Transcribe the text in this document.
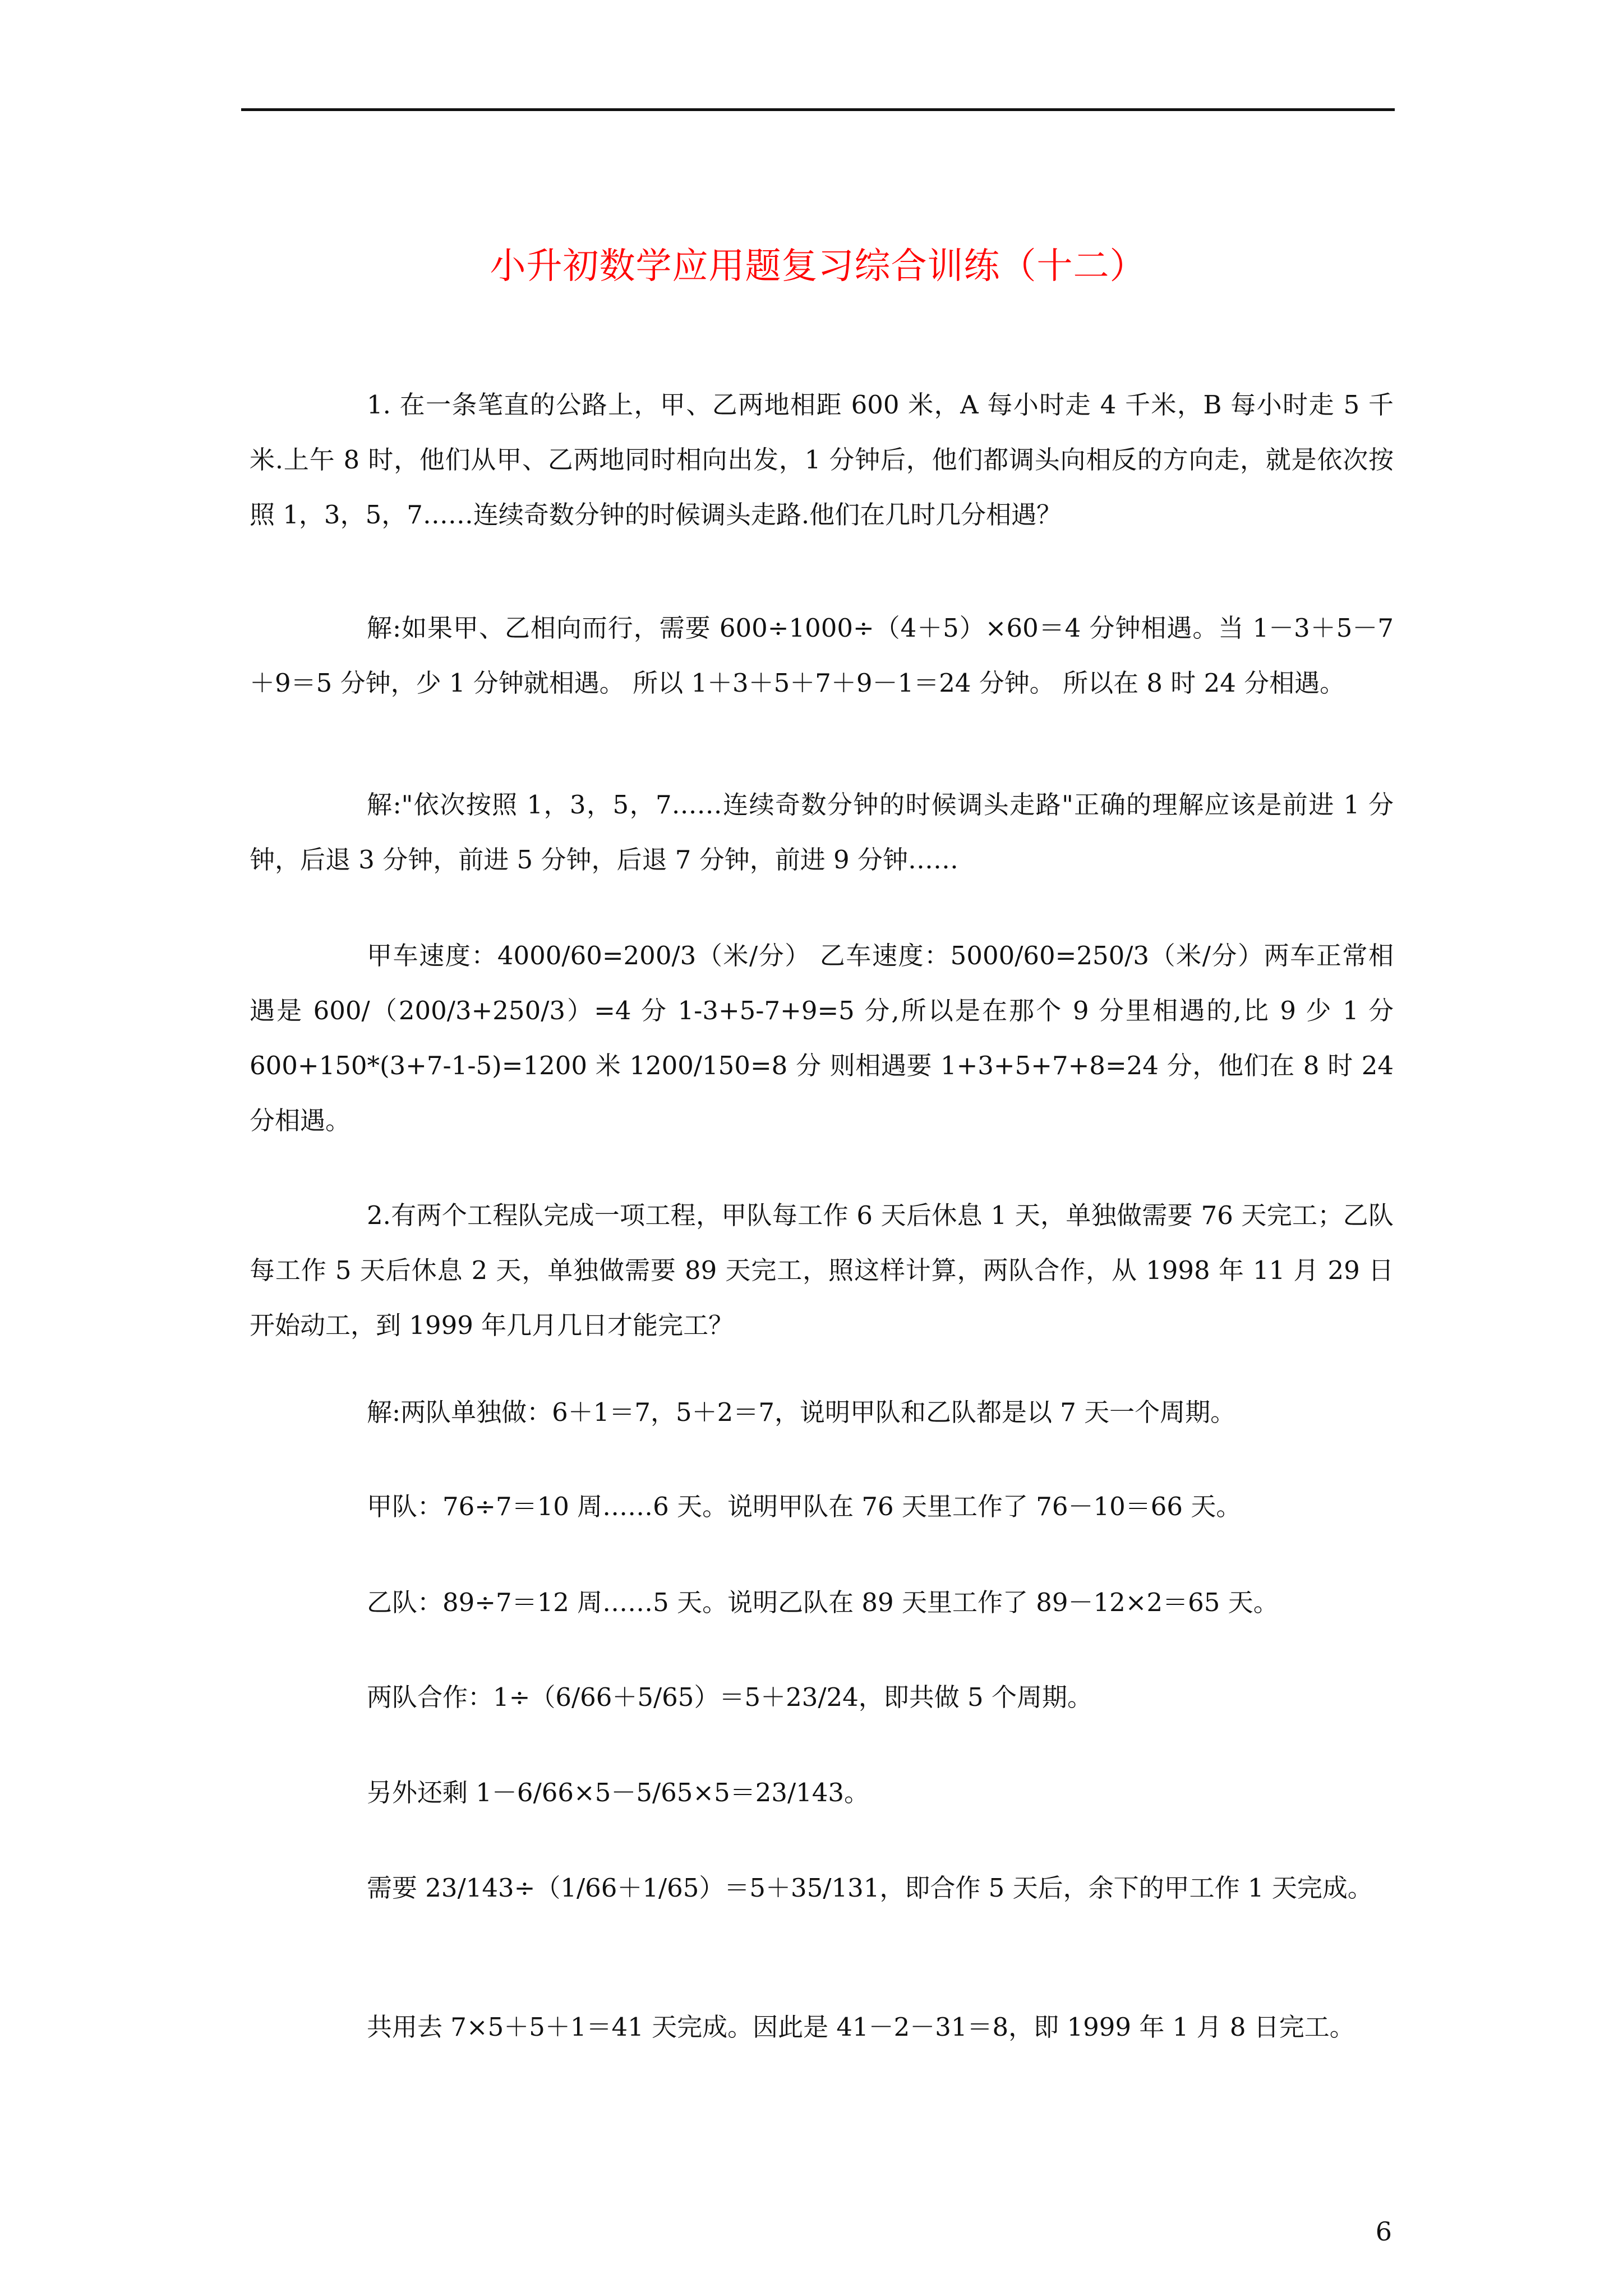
小升初数学应用题复习综合训练（十二）
1. 在一条笔直的公路上，甲、乙两地相距 600 米，A 每小时走 4 千米，B 每小时走 5 千米.上午 8 时，他们从甲、乙两地同时相向出发，1 分钟后，他们都调头向相反的方向走，就是依次按照 1，3，5，7……连续奇数分钟的时候调头走路.他们在几时几分相遇？
解:如果甲、乙相向而行，需要 600÷1000÷（4＋5）×60＝4 分钟相遇。当 1－3＋5－7＋9＝5 分钟，少 1 分钟就相遇。 所以 1＋3＋5＋7＋9－1＝24 分钟。 所以在 8 时 24 分相遇。
解:"依次按照 1，3，5，7……连续奇数分钟的时候调头走路"正确的理解应该是前进 1 分钟，后退 3 分钟，前进 5 分钟，后退 7 分钟，前进 9 分钟……
甲车速度：4000/60=200/3（米/分） 乙车速度：5000/60=250/3（米/分）两车正常相遇是 600/（200/3+250/3）=4 分 1-3+5-7+9=5 分,所以是在那个 9 分里相遇的,比 9 少 1 分 600+150*(3+7-1-5)=1200 米 1200/150=8 分 则相遇要 1+3+5+7+8=24 分，他们在 8 时 24 分相遇。
2.有两个工程队完成一项工程，甲队每工作 6 天后休息 1 天，单独做需要 76 天完工；乙队每工作 5 天后休息 2 天，单独做需要 89 天完工，照这样计算，两队合作，从 1998 年 11 月 29 日开始动工，到 1999 年几月几日才能完工？
解:两队单独做：6＋1＝7，5＋2＝7，说明甲队和乙队都是以 7 天一个周期。
甲队：76÷7＝10 周……6 天。说明甲队在 76 天里工作了 76－10＝66 天。
乙队：89÷7＝12 周……5 天。说明乙队在 89 天里工作了 89－12×2＝65 天。
两队合作：1÷（6/66＋5/65）＝5＋23/24，即共做 5 个周期。
另外还剩 1－6/66×5－5/65×5＝23/143。
需要 23/143÷（1/66＋1/65）＝5＋35/131，即合作 5 天后，余下的甲工作 1 天完成。
共用去 7×5＋5＋1＝41 天完成。因此是 41－2－31＝8，即 1999 年 1 月 8 日完工。
6
